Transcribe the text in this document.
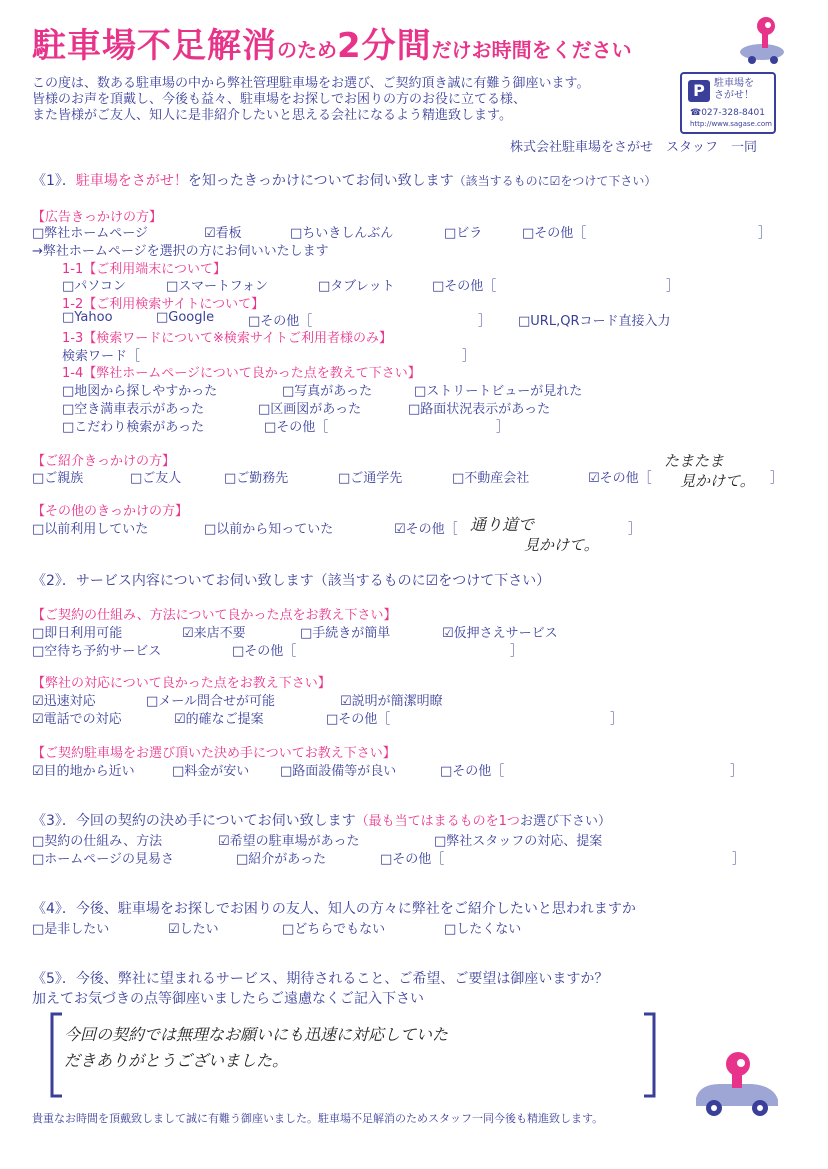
駐車場不足解消のため2分間だけお時間をください
この度は、数ある駐車場の中から弊社管理駐車場をお選び、ご契約頂き誠に有難う御座います。
皆様のお声を頂戴し、今後も益々、駐車場をお探しでお困りの方のお役に立てる様、
また皆様がご友人、知人に是非紹介したいと思える会社になるよう精進致します。
P 駐車場を
さがせ！
☎027-328-8401
http://www.sagase.com
株式会社駐車場をさがせ　スタッフ　一同
《1》．駐車場をさがせ！を知ったきっかけについてお伺い致します（該当するものに☑をつけて下さい）
【広告きっかけの方】
□弊社ホームページ	☑看板	□ちいきしんぶん	□ビラ	□その他［	］
→弊社ホームページを選択の方にお伺いいたします
1-1【ご利用端末について】
□パソコン	□スマートフォン	□タブレット	□その他［	］
1-2【ご利用検索サイトについて】
□Yahoo	□Google	□その他［	］ □URL,QRコード直接入力
1-3【検索ワードについて※検索サイトご利用者様のみ】
検索ワード［	］
1-4【弊社ホームページについて良かった点を教えて下さい】
□地図から探しやすかった	□写真があった	□ストリートビューが見れた
□空き満車表示があった	□区画図があった	□路面状況表示があった
□こだわり検索があった	□その他［	］
【ご紹介きっかけの方】
□ご親族	□ご友人	□ご勤務先	□ご通学先	□不動産会社	☑その他［	］
たまたま
見かけて。
【その他のきっかけの方】
□以前利用していた	□以前から知っていた	☑その他［	］
通り道で
見かけて。
《2》．サービス内容についてお伺い致します（該当するものに☑をつけて下さい）
【ご契約の仕組み、方法について良かった点をお教え下さい】
□即日利用可能	☑来店不要	□手続きが簡単	☑仮押さえサービス
□空待ち予約サービス	□その他［	］
【弊社の対応について良かった点をお教え下さい】
☑迅速対応	□メール問合せが可能	☑説明が簡潔明瞭
☑電話での対応	☑的確なご提案	□その他［	］
【ご契約駐車場をお選び頂いた決め手についてお教え下さい】
☑目的地から近い	□料金が安い □路面設備等が良い	□その他［	］
《3》．今回の契約の決め手についてお伺い致します（最も当てはまるものを1つお選び下さい）
□契約の仕組み、方法	☑希望の駐車場があった	□弊社スタッフの対応、提案
□ホームページの見易さ	□紹介があった	□その他［	］
《4》．今後、駐車場をお探しでお困りの友人、知人の方々に弊社をご紹介したいと思われますか
□是非したい	☑したい	□どちらでもない	□したくない
《5》．今後、弊社に望まれるサービス、期待されること、ご希望、ご要望は御座いますか？
加えてお気づきの点等御座いましたらご遠慮なくご記入下さい
今回の契約では無理なお願いにも迅速に対応していた
だきありがとうございました。
貴重なお時間を頂戴致しまして誠に有難う御座いました。駐車場不足解消のためスタッフ一同今後も精進致します。
